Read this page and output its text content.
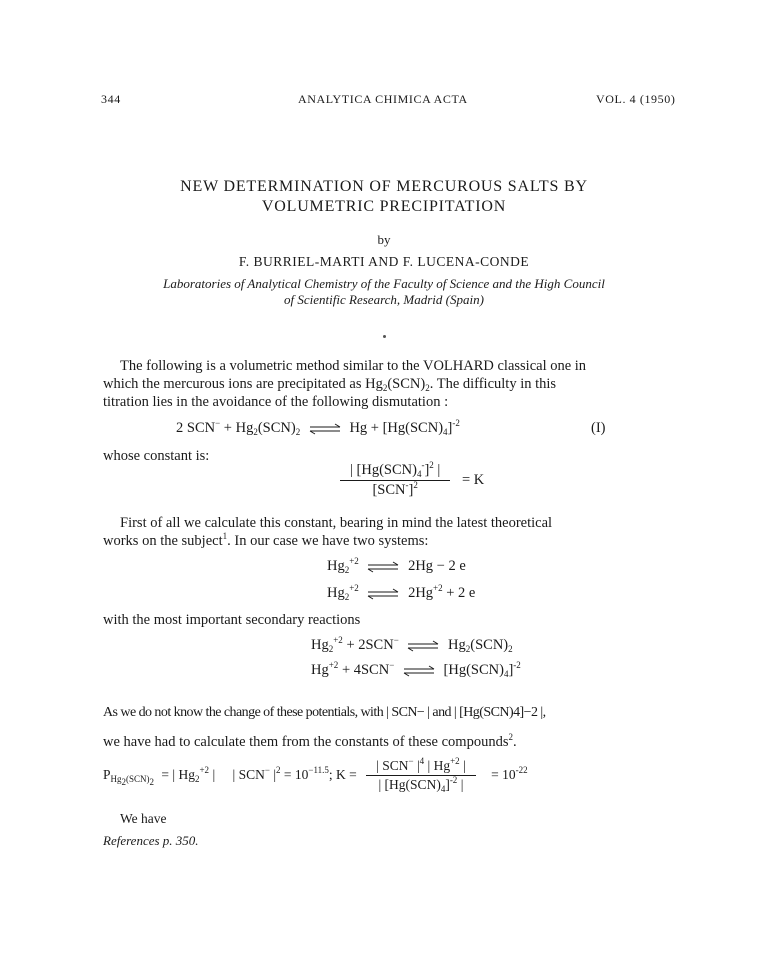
344	ANALYTICA CHIMICA ACTA	VOL. 4 (1950)
NEW DETERMINATION OF MERCUROUS SALTS BY
VOLUMETRIC PRECIPITATION
by
F. BURRIEL-MARTI AND F. LUCENA-CONDE
Laboratories of Analytical Chemistry of the Faculty of Science and the High Council
of Scientific Research, Madrid (Spain)
The following is a volumetric method similar to the VOLHARD classical one in
which the mercurous ions are precipitated as $Hg_2(SCN)_2$. The difficulty in this
titration lies in the avoidance of the following dismutation :
2 $SCN^- + Hg_2(SCN)_2$ ⇌ $Hg + [Hg(SCN)_4]^{-2}$	(I)
whose constant is:
$\frac{| [Hg(SCN)_4^-]^2 |}{[SCN^-]^2} = K$
First of all we calculate this constant, bearing in mind the latest theoretical
works on the subject$^1$. In our case we have two systems:
$Hg_2^{+2}$ ⇌ 2Hg − 2 e
$Hg_2^{+2}$ ⇌ $2Hg^{+2} + 2$ e
with the most important secondary reactions
$Hg_2^{+2} + 2SCN^-$ ⇌ $Hg_2(SCN)_2$
$Hg^{+2} + 4SCN^-$ ⇌ $[Hg(SCN)_4]^{-2}$
As we do not know the change of these potentials, with | SCN− | and | [Hg(SCN)4]−2 |,
we have had to calculate them from the constants of these compounds$^2$.
$P_{Hg_2(SCN)_2}$ = | $Hg_2^{+2}$ | | SCN− $|^2 = 10^{-11.5}$; $K = \frac{| SCN^- |^4 | Hg^{+2} |}{| [Hg(SCN)_4]^{-2} |} = 10^{-22}$
We have
References p. 350.
